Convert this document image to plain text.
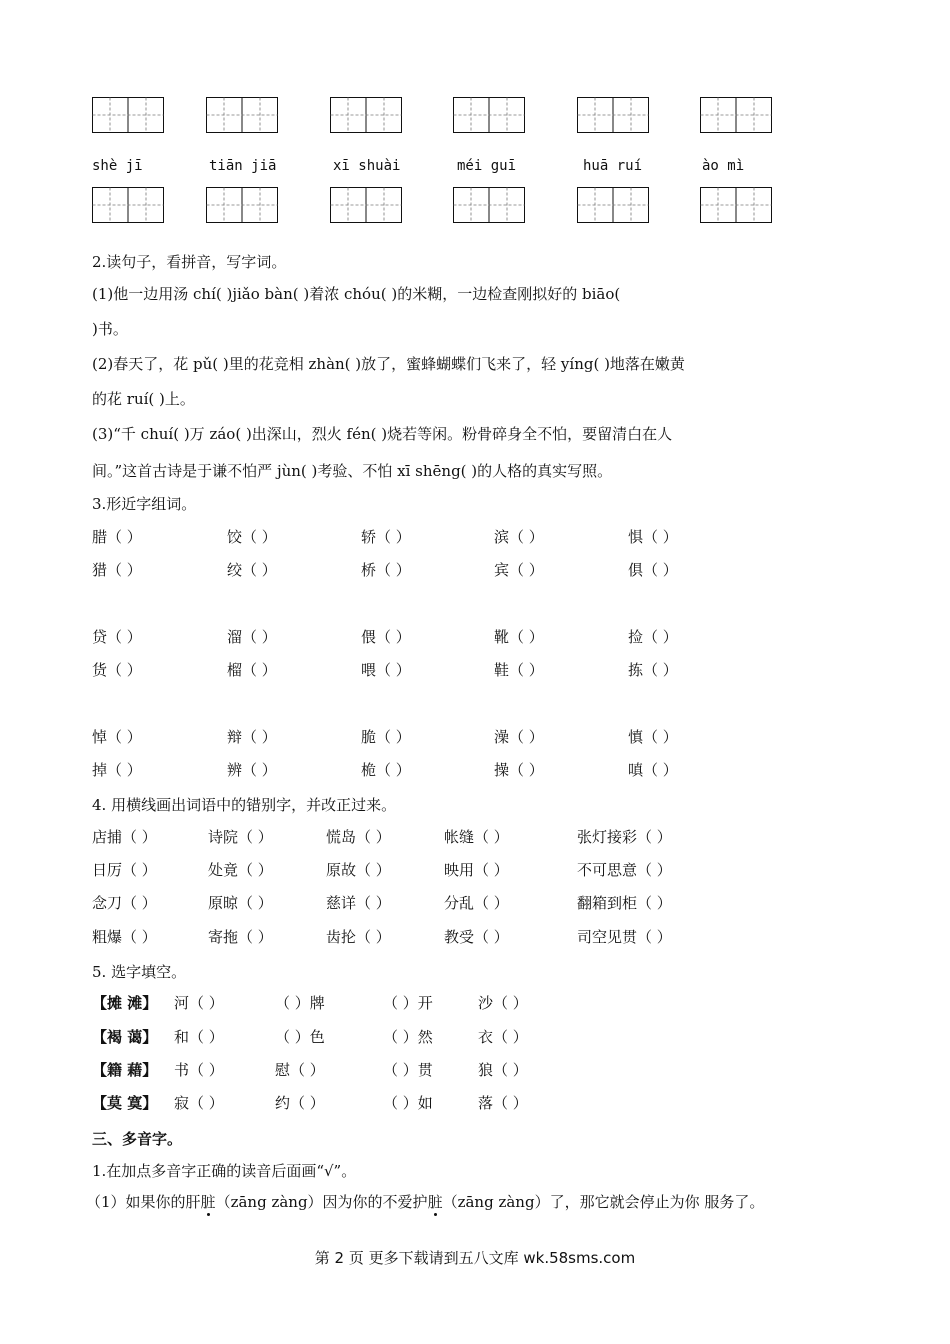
shè jī	tiān jiā	xī shuài	méi guī	huā ruí	ào mì
2.读句子，看拼音，写字词。
(1)他一边用汤 chí( )jiǎo bàn( )着浓 chóu( )的米糊，一边检查刚拟好的 biāo(
)书。
(2)春天了，花 pǔ( )里的花竞相 zhàn( )放了，蜜蜂蝴蝶们飞来了，轻 yíng( )地落在嫩黄
的花 ruí( )上。
(3)“千 chuí( )万 záo( )出深山，烈火 fén( )烧若等闲。粉骨碎身全不怕，要留清白在人
间。”这首古诗是于谦不怕严 jùn( )考验、不怕 xī shēng( )的人格的真实写照。
3.形近字组词。
腊（ ）	饺（ ）	轿（ ）	滨（ ）	惧（ ）
猎（ ）	绞（ ）	桥（ ）	宾（ ）	俱（ ）
贷（ ）	溜（ ）	偎（ ）	靴（ ）	捡（ ）
货（ ）	榴（ ）	喂（ ）	鞋（ ）	拣（ ）
悼（ ）	辩（ ）	脆（ ）	澡（ ）	慎（ ）
掉（ ）	辨（ ）	桅（ ）	操（ ）	嗔（ ）
4. 用横线画出词语中的错别字，并改正过来。
店捕（ ）	诗院（ ）	慌岛（ ）	帐缝（ ）	张灯接彩（ ）
日厉（ ）	处竟（ ）	原故（ ）	映用（ ）	不可思意（ ）
念刀（ ）	原晾（ ）	慈详（ ）	分乱（ ）	翻箱到柜（ ）
粗爆（ ）	寄拖（ ）	齿抡（ ）	教受（ ）	司空见贯（ ）
5. 选字填空。
【摊 滩】 河（ ）	（ ）牌	（ ）开	沙（ ）
【褐 蔼】 和（ ）	（ ）色	（ ）然	衣（ ）
【籍 藉】 书（ ）	慰（ ）	（ ）贯	狼（ ）
【莫 寞】 寂（ ）	约（ ）	（ ）如	落（ ）
三、多音字。
1.在加点多音字正确的读音后面画“√”。
（1）如果你的肝脏（zāng zàng）因为你的不爱护脏（zāng zàng）了，那它就会停止为你 服务了。
第 2 页 更多下载请到五八文库 wk.58sms.com
